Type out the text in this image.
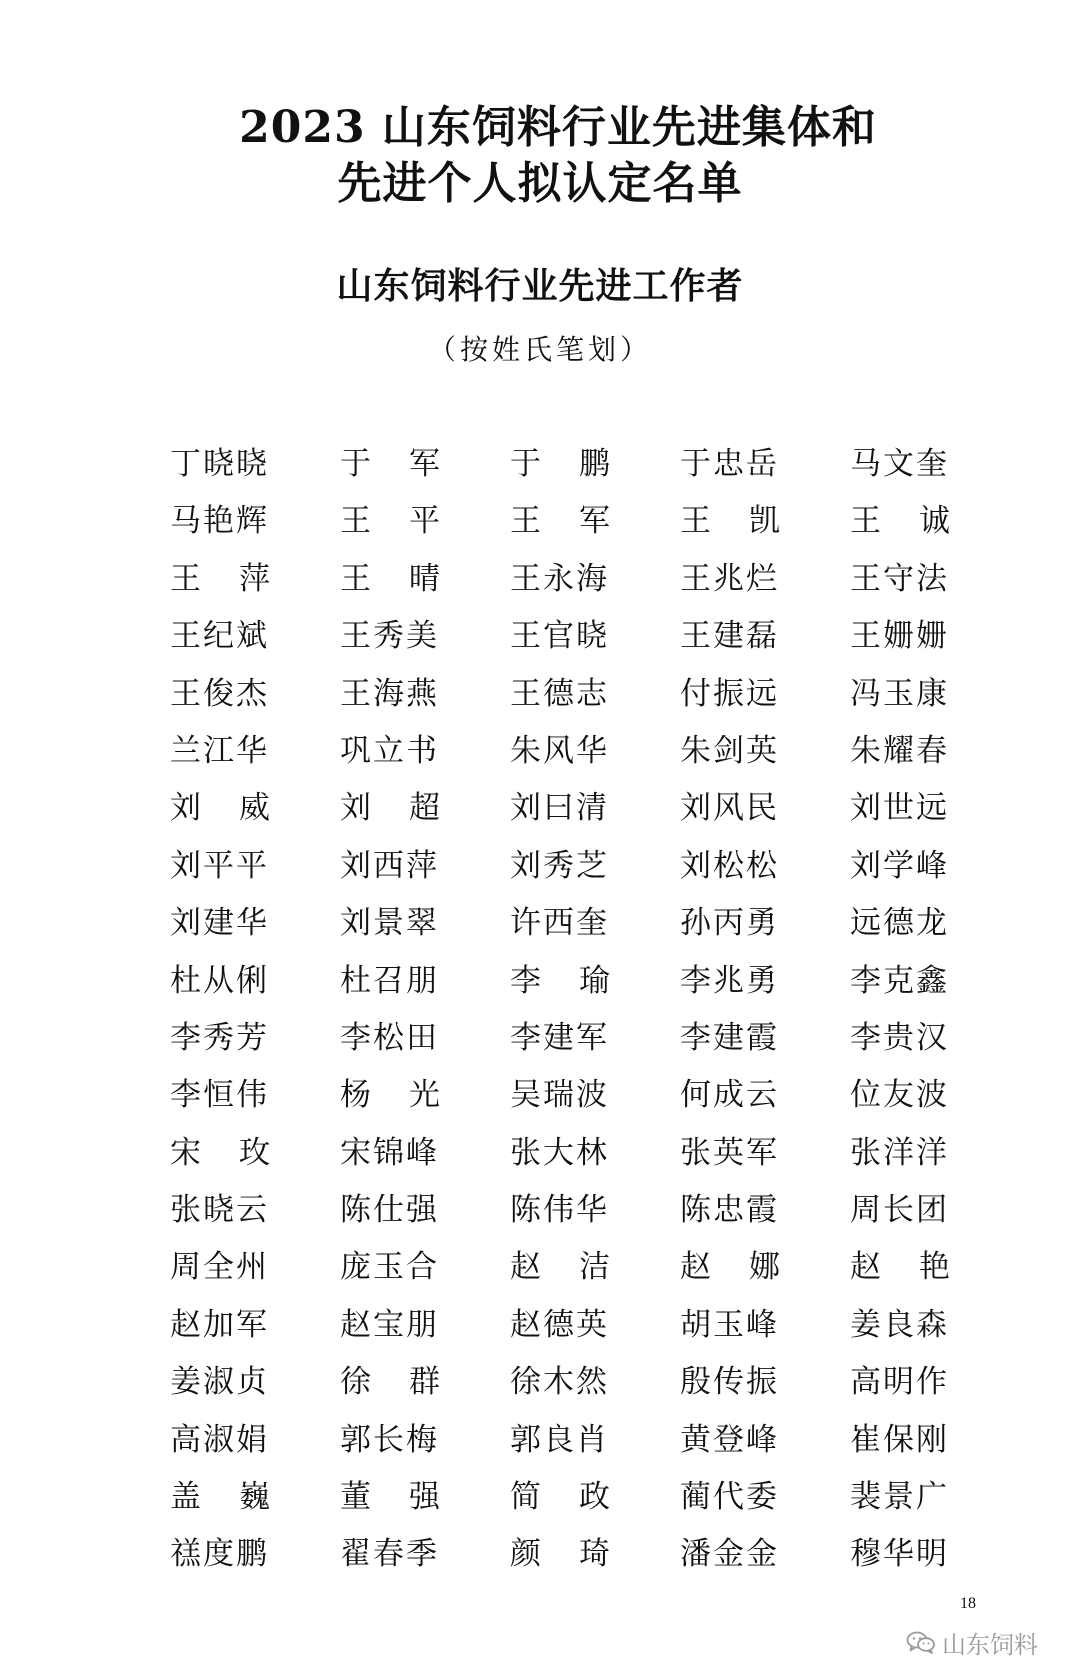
2023 山东饲料行业先进集体和
先进个人拟认定名单
山东饲料行业先进工作者
（按姓氏笔划）
丁晓晓 于 军 于 鹏 于忠岳 马文奎
马艳辉 王 平 王 军 王 凯 王 诚
王 萍 王 晴 王永海 王兆烂 王守法
王纪斌 王秀美 王官晓 王建磊 王姗姗
王俊杰 王海燕 王德志 付振远 冯玉康
兰江华 巩立书 朱风华 朱剑英 朱耀春
刘 威 刘 超 刘曰清 刘风民 刘世远
刘平平 刘西萍 刘秀芝 刘松松 刘学峰
刘建华 刘景翠 许西奎 孙丙勇 远德龙
杜从俐 杜召朋 李 瑜 李兆勇 李克鑫
李秀芳 李松田 李建军 李建霞 李贵汉
李恒伟 杨 光 吴瑞波 何成云 位友波
宋 玫 宋锦峰 张大林 张英军 张洋洋
张晓云 陈仕强 陈伟华 陈忠霞 周长团
周全州 庞玉合 赵 洁 赵 娜 赵 艳
赵加军 赵宝朋 赵德英 胡玉峰 姜良森
姜淑贞 徐 群 徐木然 殷传振 高明作
高淑娟 郭长梅 郭良肖 黄登峰 崔保刚
盖 巍 董 强 简 政 蔺代委 裴景广
禚度鹏 翟春季 颜 琦 潘金金 穆华明
18
山东饲料
